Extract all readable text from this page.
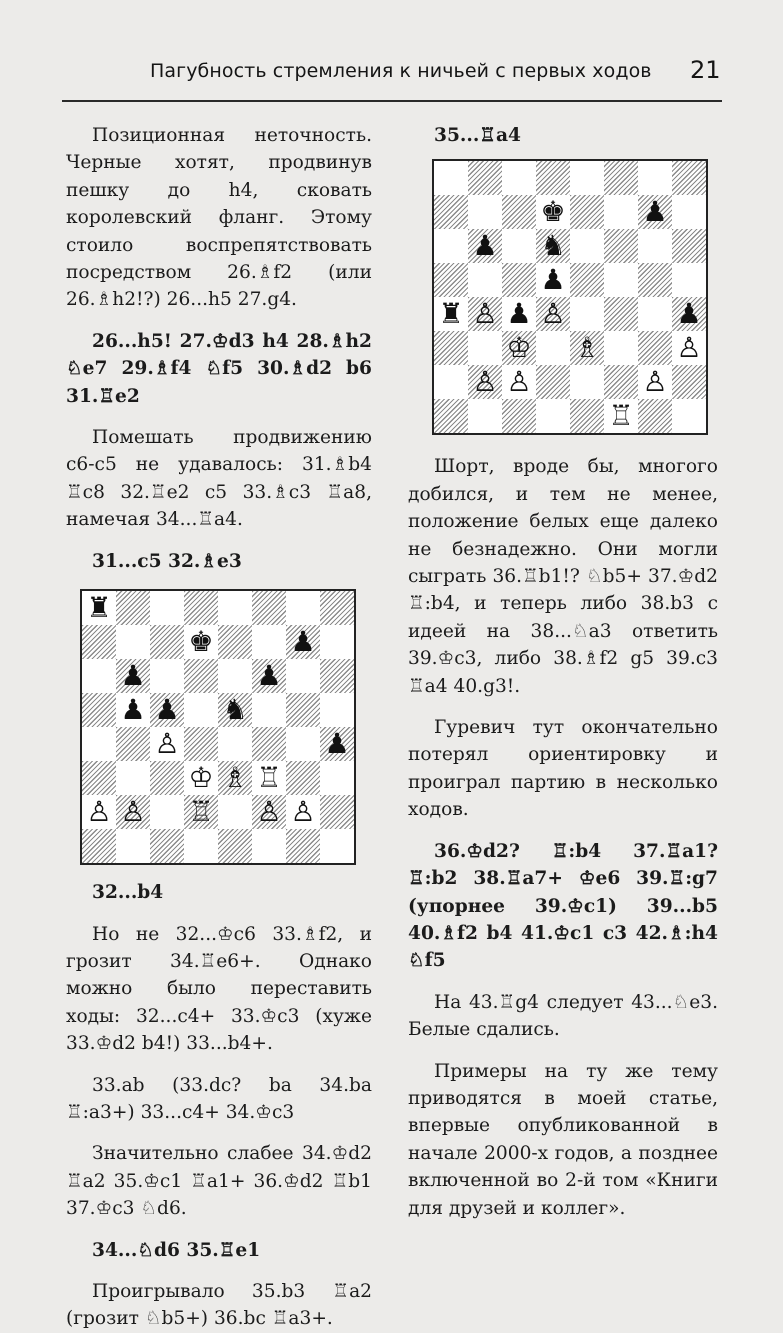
Пагубность стремления к ничьей с первых ходов 21

Позиционная неточность. Черные хотят, продвинув пешку до h4, сковать королевский фланг. Этому стоило воспрепятствовать посредством 26.♗f2 (или 26.♗h2!?) 26...h5 27.g4.

26...h5! 27.♔d3 h4 28.♗h2 ♘e7 29.♗f4 ♘f5 30.♗d2 b6 31.♖e2

Помешать продвижению c6-c5 не удавалось: 31.♗b4 ♖c8 32.♖e2 c5 33.♗c3 ♖a8, намечая 34...♖a4.

31...c5 32.♗e3

♜
♚	♟
♟	♟
♟ ♟ ♞
♙	♟
♔ ♗ ♖
♙ ♙ ♖ ♙ ♙

32...b4

Но не 32...♔c6 33.♗f2, и грозит 34.♖e6+. Однако можно было переставить ходы: 32...c4+ 33.♔c3 (хуже 33.♔d2 b4!) 33...b4+.

33.ab (33.dc? ba 34.ba ♖:a3+) 33...c4+ 34.♔c3

Значительно слабее 34.♔d2 ♖a2 35.♔c1 ♖a1+ 36.♔d2 ♖b1 37.♔c3 ♘d6.

34...♘d6 35.♖e1

Проигрывало 35.b3 ♖a2 (грозит ♘b5+) 36.bc ♖a3+.

35...♖a4

♚	♟
♟ ♞
♟
♜ ♙ ♟ ♙	♟
♔ ♗	♙
♙ ♙	♙
♖

Шорт, вроде бы, многого добился, и тем не менее, положение белых еще далеко не безнадежно. Они могли сыграть 36.♖b1!? ♘b5+ 37.♔d2 ♖:b4, и теперь либо 38.b3 с идеей на 38...♘a3 ответить 39.♔c3, либо 38.♗f2 g5 39.c3 ♖a4 40.g3!.

Гуревич тут окончательно потерял ориентировку и проиграл партию в несколько ходов.

36.♔d2? ♖:b4 37.♖a1? ♖:b2 38.♖a7+ ♔e6 39.♖:g7 (упорнее 39.♔c1) 39...b5 40.♗f2 b4 41.♔c1 c3 42.♗:h4 ♘f5

На 43.♖g4 следует 43...♘e3. Белые сдались.

Примеры на ту же тему приводятся в моей статье, впервые опубликованной в начале 2000-х годов, а позднее включенной во 2-й том «Книги для друзей и коллег».
